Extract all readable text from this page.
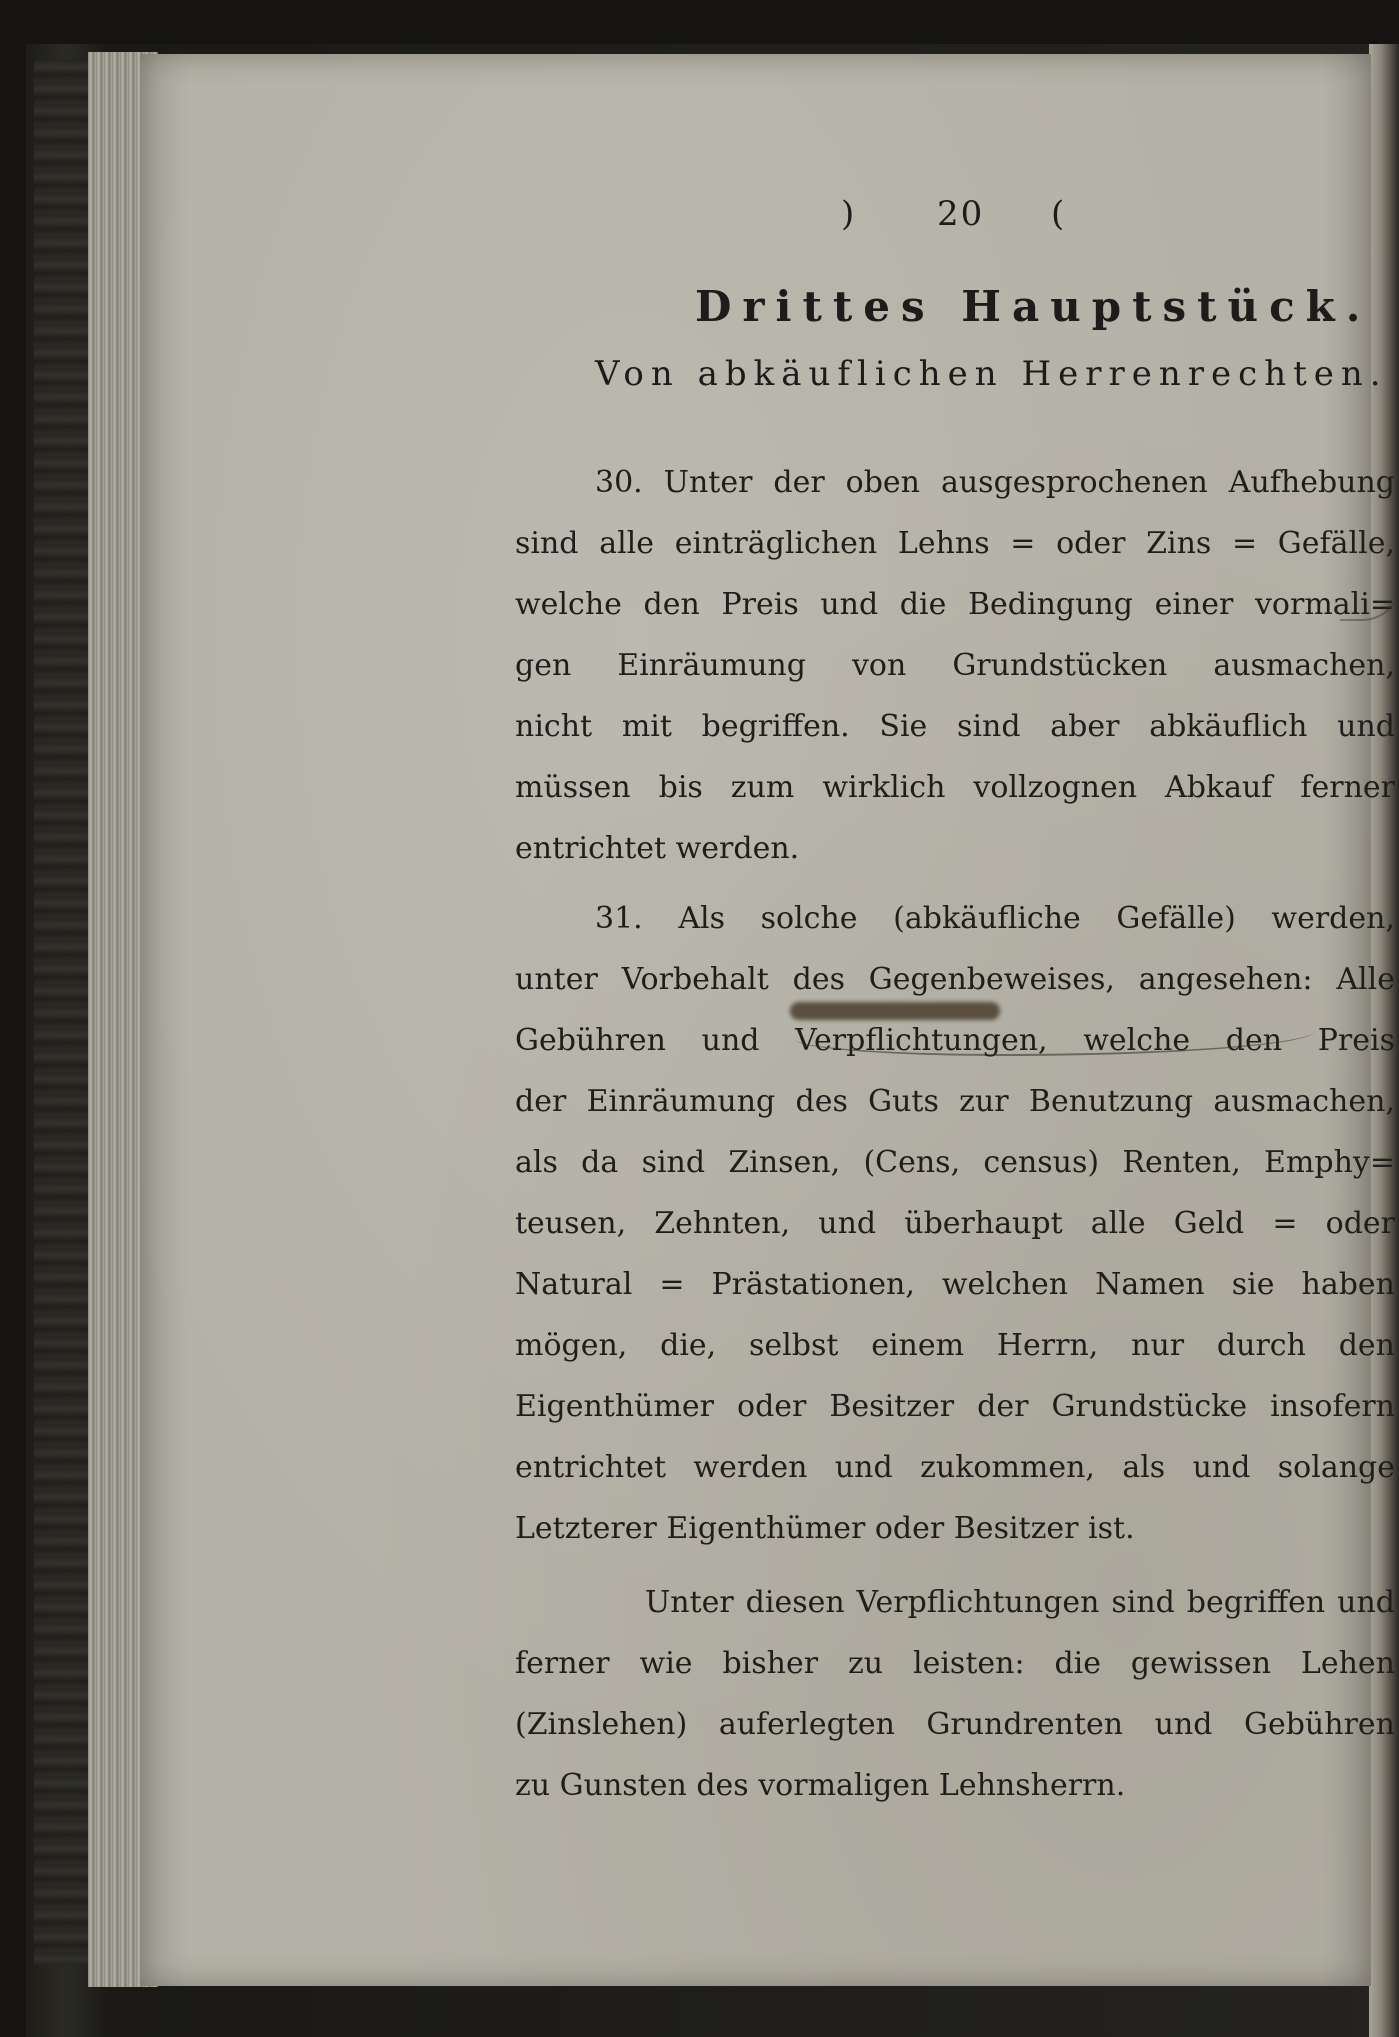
) 20 (
Drittes Hauptstück.
Von abkäuflichen Herrenrechten.
30. Unter der oben ausgesprochenen Aufhebung
sind alle einträglichen Lehns = oder Zins = Gefälle,
welche den Preis und die Bedingung einer vormali=
gen Einräumung von Grundstücken ausmachen,
nicht mit begriffen. Sie sind aber abkäuflich und
müssen bis zum wirklich vollzognen Abkauf ferner
entrichtet werden.
31. Als solche (abkäufliche Gefälle) werden,
unter Vorbehalt des Gegenbeweises, angesehen: Alle
Gebühren und Verpflichtungen, welche den Preis
der Einräumung des Guts zur Benutzung ausmachen,
als da sind Zinsen, (Cens, census) Renten, Emphy=
teusen, Zehnten, und überhaupt alle Geld = oder
Natural = Prästationen, welchen Namen sie haben
mögen, die, selbst einem Herrn, nur durch den
Eigenthümer oder Besitzer der Grundstücke insofern
entrichtet werden und zukommen, als und solange
Letzterer Eigenthümer oder Besitzer ist.
Unter diesen Verpflichtungen sind begriffen und
ferner wie bisher zu leisten: die gewissen Lehen
(Zinslehen) auferlegten Grundrenten und Gebühren
zu Gunsten des vormaligen Lehnsherrn.
